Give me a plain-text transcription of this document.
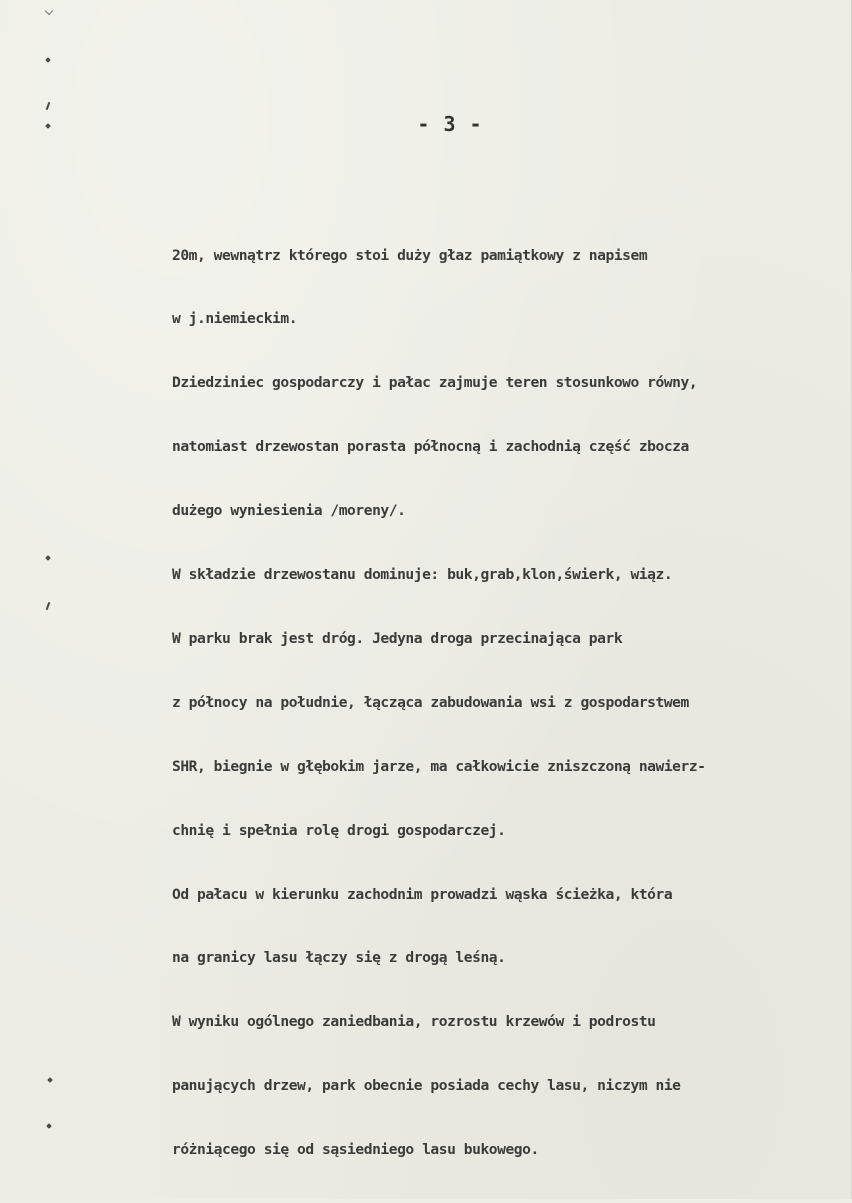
- 3 -

20m, wewnątrz którego stoi duży głaz pamiątkowy z napisem

w j.niemieckim.

Dziedziniec gospodarczy i pałac zajmuje teren stosunkowo równy,

natomiast drzewostan porasta północną i zachodnią część zbocza

dużego wyniesienia /moreny/.

W składzie drzewostanu dominuje: buk,grab,klon,świerk, wiąz.

W parku brak jest dróg. Jedyna droga przecinająca park

z północy na południe, łącząca zabudowania wsi z gospodarstwem

SHR, biegnie w głębokim jarze, ma całkowicie zniszczoną nawierz-

chnię i spełnia rolę drogi gospodarczej.

Od pałacu w kierunku zachodnim prowadzi wąska ścieżka, która

na granicy lasu łączy się z drogą leśną.

W wyniku ogólnego zaniedbania, rozrostu krzewów i podrostu

panujących drzew, park obecnie posiada cechy lasu, niczym nie

różniącego się od sąsiedniego lasu bukowego.
